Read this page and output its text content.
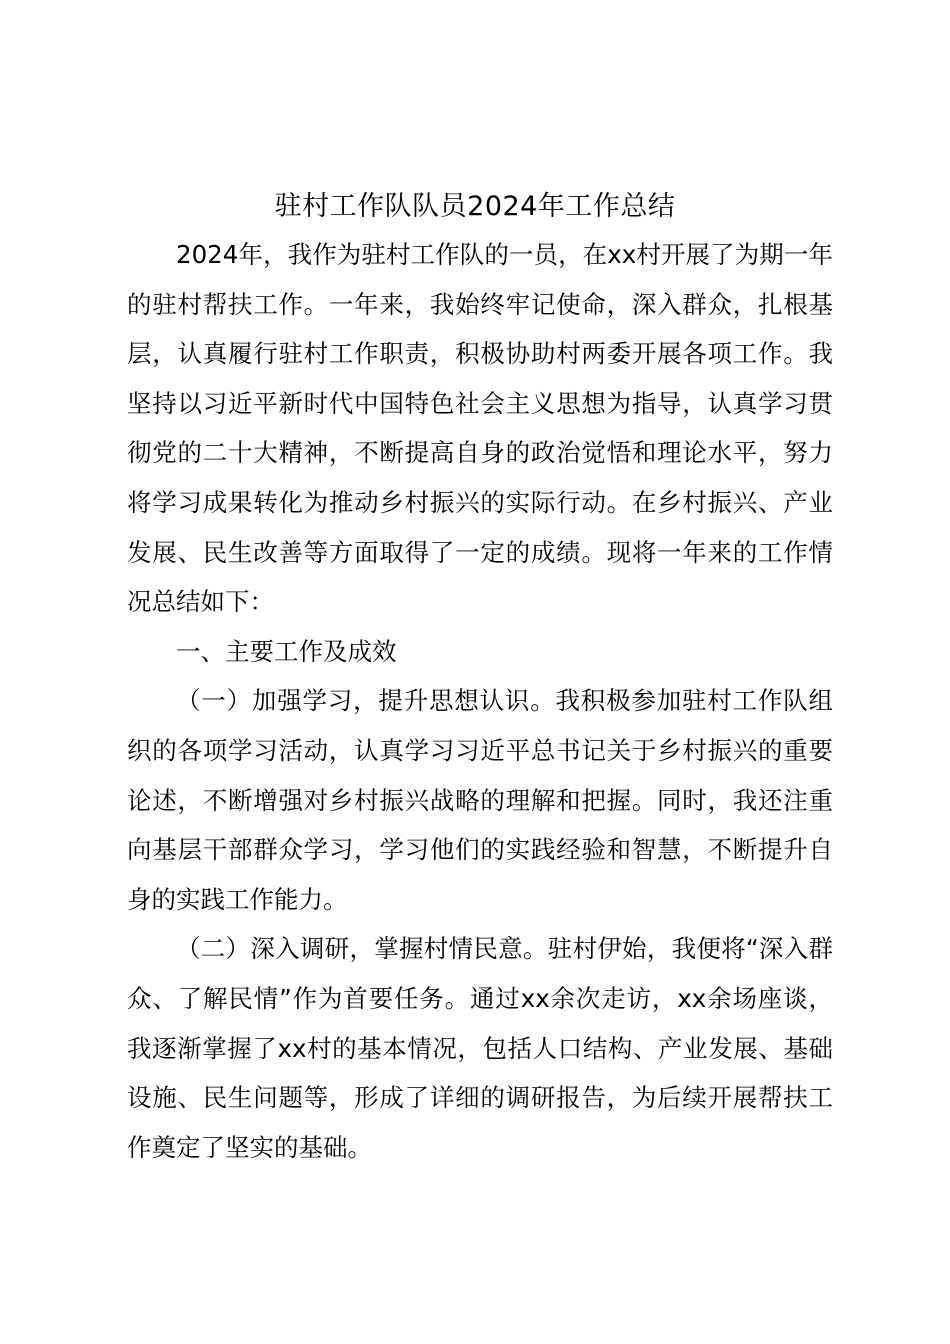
驻村工作队队员2024年工作总结

2024年，我作为驻村工作队的一员，在xx村开展了为期一年的驻村帮扶工作。一年来，我始终牢记使命，深入群众，扎根基层，认真履行驻村工作职责，积极协助村两委开展各项工作。我坚持以习近平新时代中国特色社会主义思想为指导，认真学习贯彻党的二十大精神，不断提高自身的政治觉悟和理论水平，努力将学习成果转化为推动乡村振兴的实际行动。在乡村振兴、产业发展、民生改善等方面取得了一定的成绩。现将一年来的工作情况总结如下：

一、主要工作及成效

（一）加强学习，提升思想认识。我积极参加驻村工作队组织的各项学习活动，认真学习习近平总书记关于乡村振兴的重要论述，不断增强对乡村振兴战略的理解和把握。同时，我还注重向基层干部群众学习，学习他们的实践经验和智慧，不断提升自身的实践工作能力。

（二）深入调研，掌握村情民意。驻村伊始，我便将“深入群众、了解民情”作为首要任务。通过xx余次走访，xx余场座谈，我逐渐掌握了xx村的基本情况，包括人口结构、产业发展、基础设施、民生问题等，形成了详细的调研报告，为后续开展帮扶工作奠定了坚实的基础。
